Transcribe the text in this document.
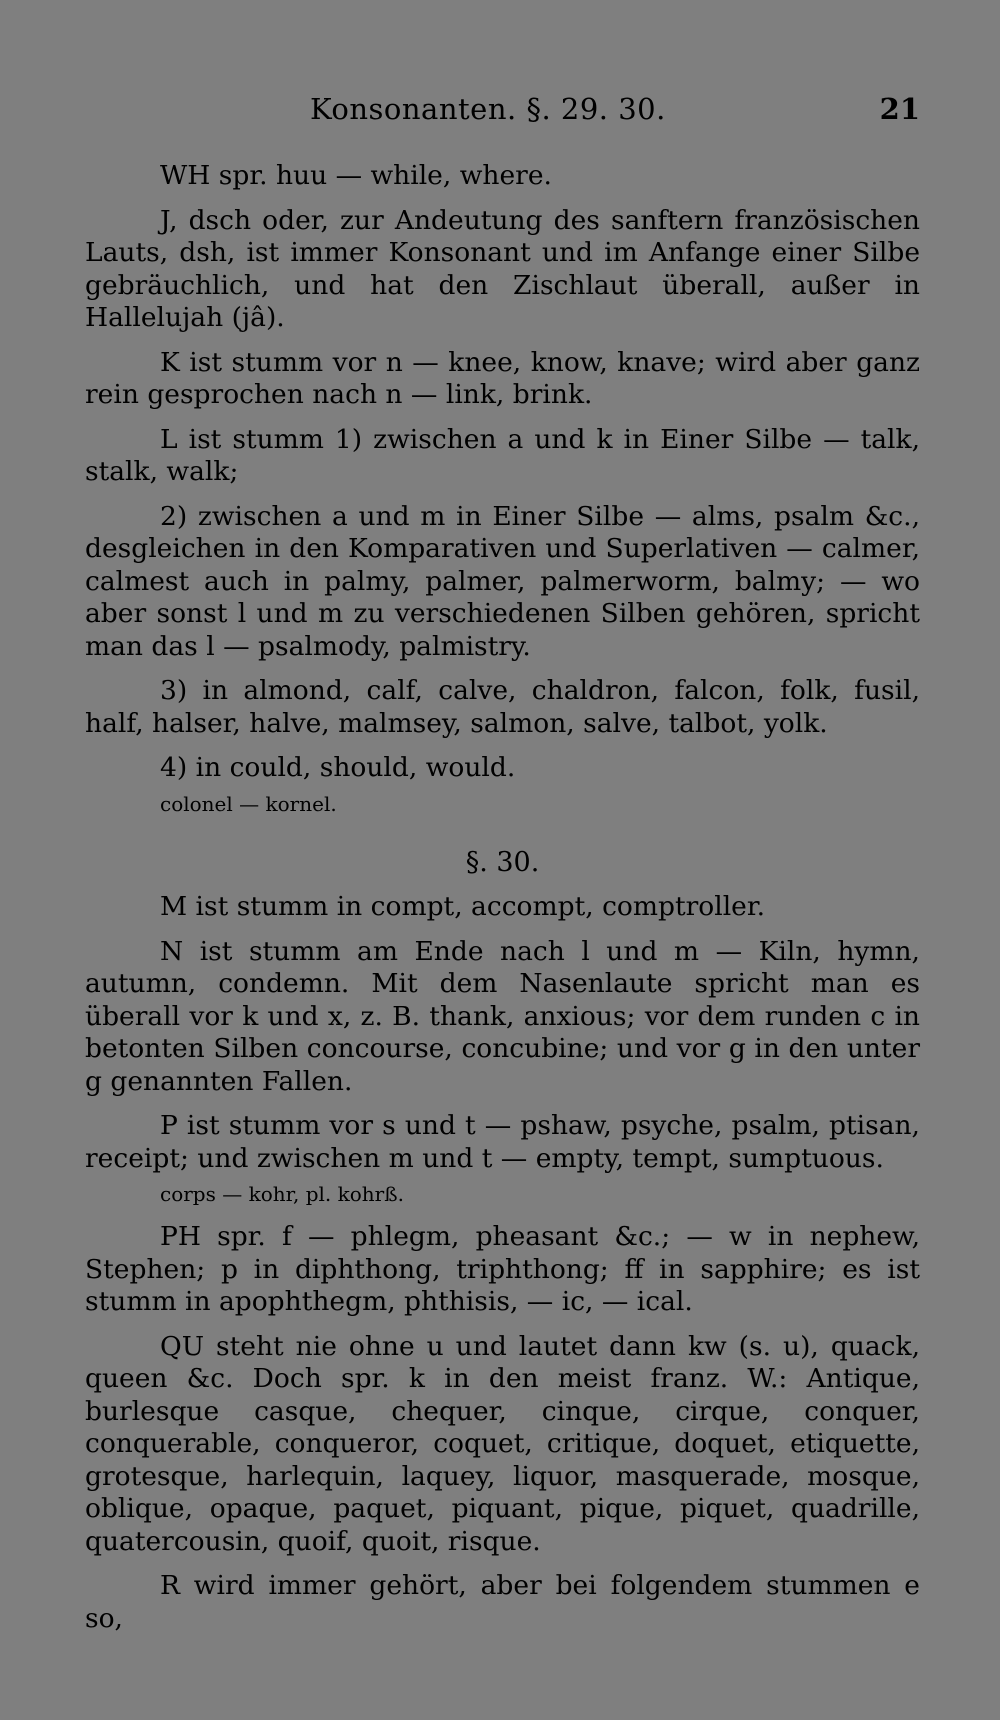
Konsonanten. §. 29. 30.	21

WH spr. huu — while, where.

J, dsch oder, zur Andeutung des sanftern französischen Lauts, dsh, ist immer Konsonant und im Anfange einer Silbe gebräuchlich, und hat den Zischlaut überall, außer in Hallelujah (jâ).

K ist stumm vor n — knee, know, knave; wird aber ganz rein gesprochen nach n — link, brink.

L ist stumm 1) zwischen a und k in Einer Silbe — talk, stalk, walk;

2) zwischen a und m in Einer Silbe — alms, psalm &c., desgleichen in den Komparativen und Superlativen — calmer, calmest auch in palmy, palmer, palmerworm, balmy; — wo aber sonst l und m zu verschiedenen Silben gehören, spricht man das l — psalmody, palmistry.

3) in almond, calf, calve, chaldron, falcon, folk, fusil, half, halser, halve, malmsey, salmon, salve, talbot, yolk.

4) in could, should, would.

colonel — kornel.

§. 30.

M ist stumm in compt, accompt, comptroller.

N ist stumm am Ende nach l und m — Kiln, hymn, autumn, condemn. Mit dem Nasenlaute spricht man es überall vor k und x, z. B. thank, anxious; vor dem runden c in betonten Silben concourse, concubine; und vor g in den unter g genannten Fallen.

P ist stumm vor s und t — pshaw, psyche, psalm, ptisan, receipt; und zwischen m und t — empty, tempt, sumptuous.

corps — kohr, pl. kohrß.

PH spr. f — phlegm, pheasant &c.; — w in nephew, Stephen; p in diphthong, triphthong; ff in sapphire; es ist stumm in apophthegm, phthisis, — ic, — ical.

QU steht nie ohne u und lautet dann kw (s. u), quack, queen &c. Doch spr. k in den meist franz. W.: Antique, burlesque casque, chequer, cinque, cirque, conquer, conquerable, conqueror, coquet, critique, doquet, etiquette, grotesque, harlequin, laquey, liquor, masquerade, mosque, oblique, opaque, paquet, piquant, pique, piquet, quadrille, quatercousin, quoif, quoit, risque.

R wird immer gehört, aber bei folgendem stummen e so,
